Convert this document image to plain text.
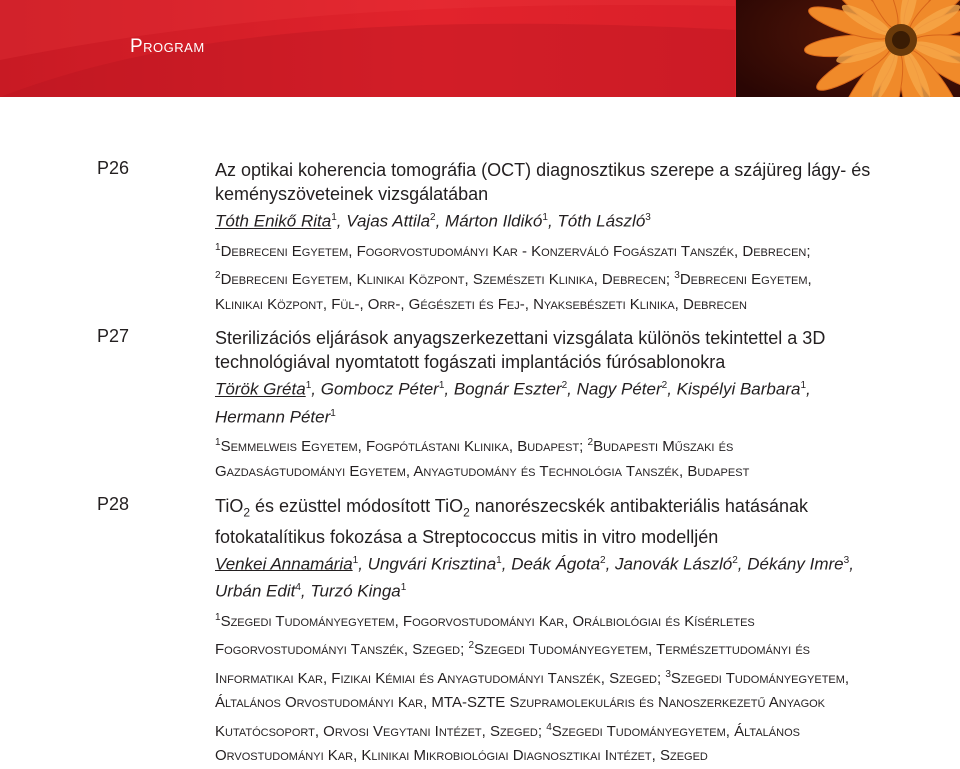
Program
P26	Az optikai koherencia tomográfia (OCT) diagnosztikus szerepe a szájüreg lágy- és
keményszöveteinek vizsgálatában

Tóth Enikő Rita$^1$, Vajas Attila$^2$, Márton Ildikó$^1$, Tóth László$^3$

$^1$Debreceni Egyetem, Fogorvostudományi Kar - Konzerváló Fogászati Tanszék, Debrecen;
$^2$Debreceni Egyetem, Klinikai Központ, Szemészeti Klinika, Debrecen; $^3$Debreceni Egyetem,
Klinikai Központ, Fül-, Orr-, Gégészeti és Fej-, Nyaksebészeti Klinika, Debrecen

P27	Sterilizációs eljárások anyagszerkezettani vizsgálata különös tekintettel a 3D
technológiával nyomtatott fogászati implantációs fúrósablonokra

Török Gréta$^1$, Gombocz Péter$^1$, Bognár Eszter$^2$, Nagy Péter$^2$, Kispélyi Barbara$^1$,
Hermann Péter$^1$

$^1$Semmelweis Egyetem, Fogpótlástani Klinika, Budapest; $^2$Budapesti Műszaki és
Gazdaságtudományi Egyetem, Anyagtudomány és Technológia Tanszék, Budapest

P28	TiO$_2$ és ezüsttel módosított TiO$_2$ nanorészecskék antibakteriális hatásának
fotokatalítikus fokozása a Streptococcus mitis in vitro modelljén

Venkei Annamária$^1$, Ungvári Krisztina$^1$, Deák Ágota$^2$, Janovák László$^2$, Dékány Imre$^3$,
Urbán Edit$^4$, Turzó Kinga$^1$

$^1$Szegedi Tudományegyetem, Fogorvostudományi Kar, Orálbiológiai és Kísérletes
Fogorvostudományi Tanszék, Szeged; $^2$Szegedi Tudományegyetem, Természettudományi és
Informatikai Kar, Fizikai Kémiai és Anyagtudományi Tanszék, Szeged; $^3$Szegedi Tudományegyetem,
Általános Orvostudományi Kar, MTA-SZTE Szupramolekuláris és Nanoszerkezetű Anyagok
Kutatócsoport, Orvosi Vegytani Intézet, Szeged; $^4$Szegedi Tudományegyetem, Általános
Orvostudományi Kar, Klinikai Mikrobiológiai Diagnosztikai Intézet, Szeged
